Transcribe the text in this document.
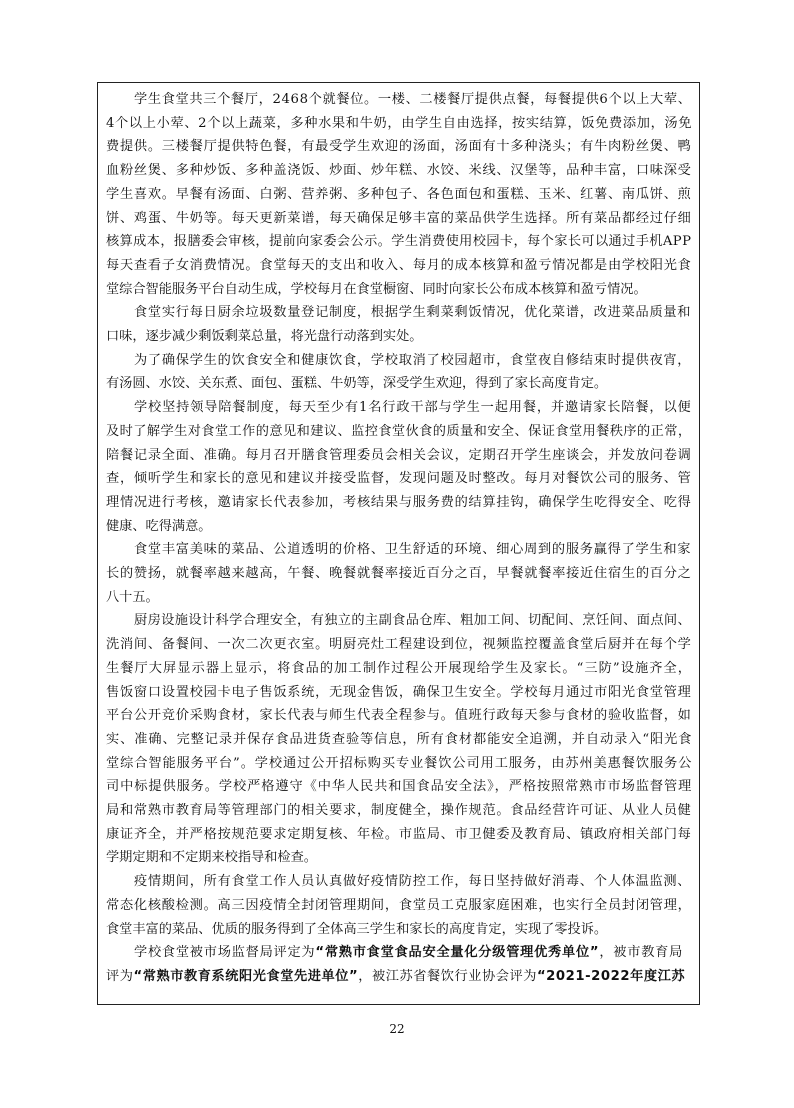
学生食堂共三个餐厅，2468个就餐位。一楼、二楼餐厅提供点餐，每餐提供6个以上大荤、
4个以上小荤、2个以上蔬菜，多种水果和牛奶，由学生自由选择，按实结算，饭免费添加，汤免
费提供。三楼餐厅提供特色餐，有最受学生欢迎的汤面，汤面有十多种浇头；有牛肉粉丝煲、鸭
血粉丝煲、多种炒饭、多种盖浇饭、炒面、炒年糕、水饺、米线、汉堡等，品种丰富，口味深受
学生喜欢。早餐有汤面、白粥、营养粥、多种包子、各色面包和蛋糕、玉米、红薯、南瓜饼、煎
饼、鸡蛋、牛奶等。每天更新菜谱，每天确保足够丰富的菜品供学生选择。所有菜品都经过仔细
核算成本，报膳委会审核，提前向家委会公示。学生消费使用校园卡，每个家长可以通过手机APP
每天查看子女消费情况。食堂每天的支出和收入、每月的成本核算和盈亏情况都是由学校阳光食
堂综合智能服务平台自动生成，学校每月在食堂橱窗、同时向家长公布成本核算和盈亏情况。
食堂实行每日厨余垃圾数量登记制度，根据学生剩菜剩饭情况，优化菜谱，改进菜品质量和
口味，逐步减少剩饭剩菜总量，将光盘行动落到实处。
为了确保学生的饮食安全和健康饮食，学校取消了校园超市，食堂夜自修结束时提供夜宵，
有汤圆、水饺、关东煮、面包、蛋糕、牛奶等，深受学生欢迎，得到了家长高度肯定。
学校坚持领导陪餐制度，每天至少有1名行政干部与学生一起用餐，并邀请家长陪餐，以便
及时了解学生对食堂工作的意见和建议、监控食堂伙食的质量和安全、保证食堂用餐秩序的正常，
陪餐记录全面、准确。每月召开膳食管理委员会相关会议，定期召开学生座谈会，并发放问卷调
查，倾听学生和家长的意见和建议并接受监督，发现问题及时整改。每月对餐饮公司的服务、管
理情况进行考核，邀请家长代表参加，考核结果与服务费的结算挂钩，确保学生吃得安全、吃得
健康、吃得满意。
食堂丰富美味的菜品、公道透明的价格、卫生舒适的环境、细心周到的服务赢得了学生和家
长的赞扬，就餐率越来越高，午餐、晚餐就餐率接近百分之百，早餐就餐率接近住宿生的百分之
八十五。
厨房设施设计科学合理安全，有独立的主副食品仓库、粗加工间、切配间、烹饪间、面点间、
洗消间、备餐间、一次二次更衣室。明厨亮灶工程建设到位，视频监控覆盖食堂后厨并在每个学
生餐厅大屏显示器上显示，将食品的加工制作过程公开展现给学生及家长。“三防”设施齐全，
售饭窗口设置校园卡电子售饭系统，无现金售饭，确保卫生安全。学校每月通过市阳光食堂管理
平台公开竞价采购食材，家长代表与师生代表全程参与。值班行政每天参与食材的验收监督，如
实、准确、完整记录并保存食品进货查验等信息，所有食材都能安全追溯，并自动录入“阳光食
堂综合智能服务平台”。学校通过公开招标购买专业餐饮公司用工服务，由苏州美惠餐饮服务公
司中标提供服务。学校严格遵守《中华人民共和国食品安全法》，严格按照常熟市市场监督管理
局和常熟市教育局等管理部门的相关要求，制度健全，操作规范。食品经营许可证、从业人员健
康证齐全，并严格按规范要求定期复核、年检。市监局、市卫健委及教育局、镇政府相关部门每
学期定期和不定期来校指导和检查。
疫情期间，所有食堂工作人员认真做好疫情防控工作，每日坚持做好消毒、个人体温监测、
常态化核酸检测。高三因疫情全封闭管理期间，食堂员工克服家庭困难，也实行全员封闭管理，
食堂丰富的菜品、优质的服务得到了全体高三学生和家长的高度肯定，实现了零投诉。
学校食堂被市场监督局评定为“常熟市食堂食品安全量化分级管理优秀单位”，被市教育局
评为“常熟市教育系统阳光食堂先进单位”，被江苏省餐饮行业协会评为“2021-2022年度江苏
22
